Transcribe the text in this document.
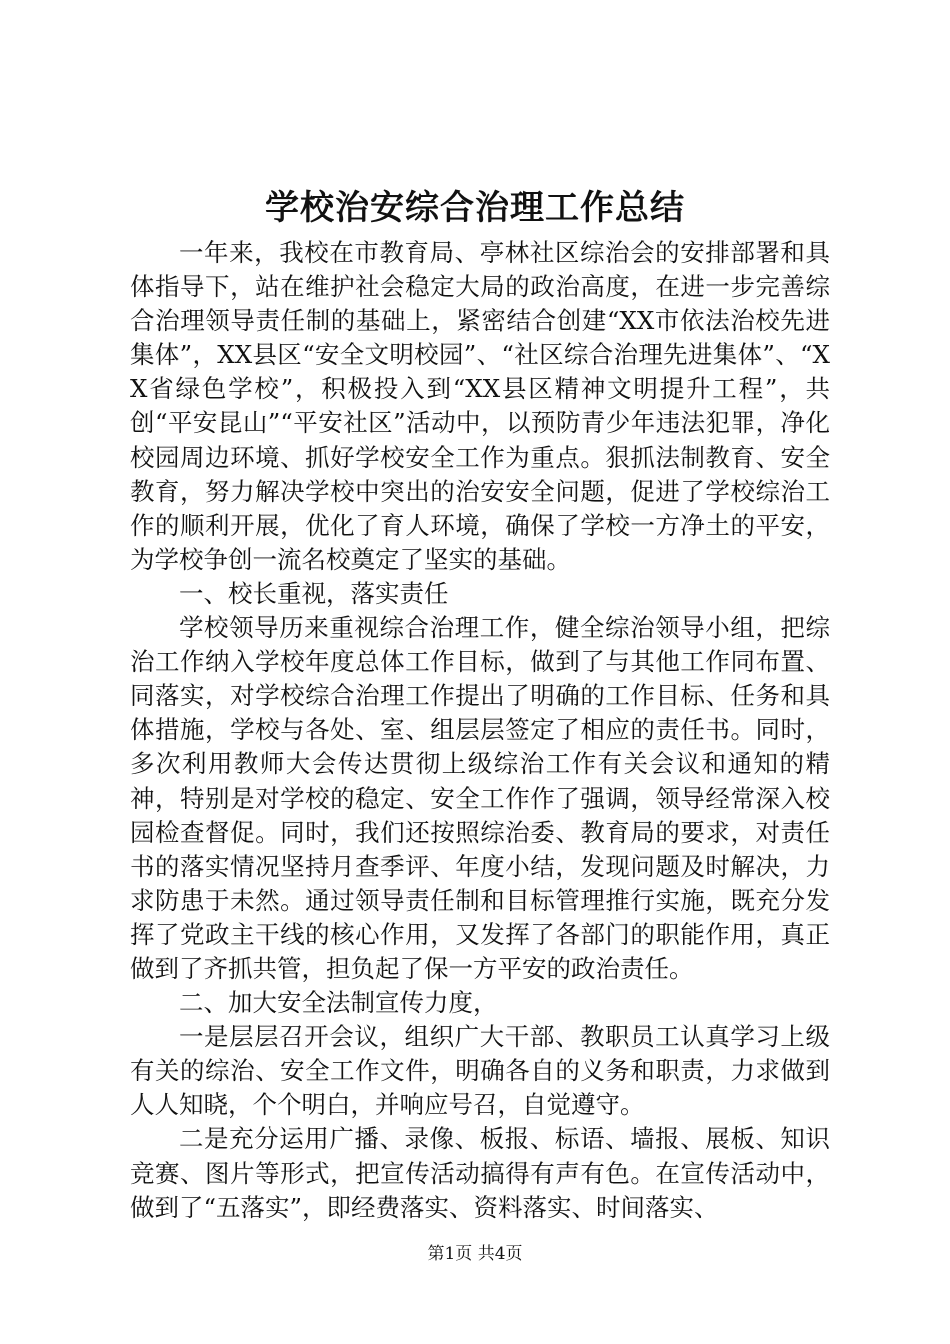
学校治安综合治理工作总结

一年来，我校在市教育局、亭林社区综治会的安排部署和具体指导下，站在维护社会稳定大局的政治高度，在进一步完善综合治理领导责任制的基础上，紧密结合创建“XX市依法治校先进集体”，XX县区“安全文明校园”、“社区综合治理先进集体”、“XX省绿色学校”，积极投入到“XX县区精神文明提升工程”，共创“平安昆山”“平安社区”活动中，以预防青少年违法犯罪，净化校园周边环境、抓好学校安全工作为重点。狠抓法制教育、安全教育，努力解决学校中突出的治安安全问题，促进了学校综治工作的顺利开展，优化了育人环境，确保了学校一方净土的平安，为学校争创一流名校奠定了坚实的基础。

一、校长重视，落实责任

学校领导历来重视综合治理工作，健全综治领导小组，把综治工作纳入学校年度总体工作目标，做到了与其他工作同布置、同落实，对学校综合治理工作提出了明确的工作目标、任务和具体措施，学校与各处、室、组层层签定了相应的责任书。同时，多次利用教师大会传达贯彻上级综治工作有关会议和通知的精神，特别是对学校的稳定、安全工作作了强调，领导经常深入校园检查督促。同时，我们还按照综治委、教育局的要求，对责任书的落实情况坚持月查季评、年度小结，发现问题及时解决，力求防患于未然。通过领导责任制和目标管理推行实施，既充分发挥了党政主干线的核心作用，又发挥了各部门的职能作用，真正做到了齐抓共管，担负起了保一方平安的政治责任。

二、加大安全法制宣传力度，

一是层层召开会议，组织广大干部、教职员工认真学习上级有关的综治、安全工作文件，明确各自的义务和职责，力求做到人人知晓，个个明白，并响应号召，自觉遵守。

二是充分运用广播、录像、板报、标语、墙报、展板、知识竞赛、图片等形式，把宣传活动搞得有声有色。在宣传活动中，做到了“五落实”，即经费落实、资料落实、时间落实、

第1页 共4页
